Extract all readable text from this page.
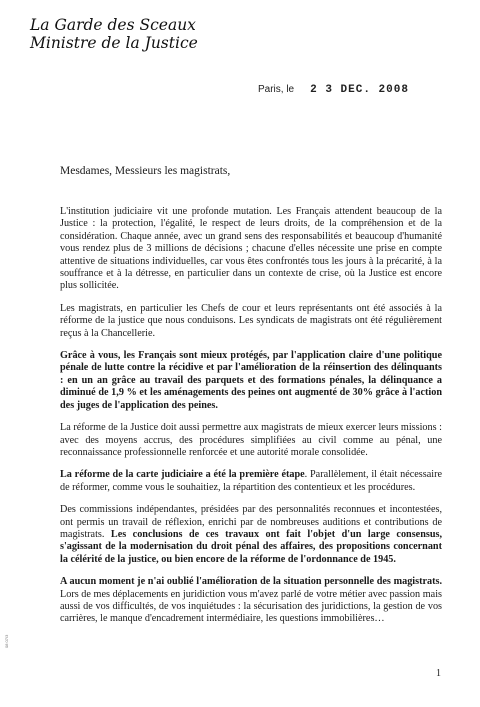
La Garde des Sceaux
Ministre de la Justice
Paris, le 2 3 DEC. 2008
Mesdames, Messieurs les magistrats,

L'institution judiciaire vit une profonde mutation. Les Français attendent beaucoup de la Justice : la protection, l'égalité, le respect de leurs droits, de la compréhension et de la considération. Chaque année, avec un grand sens des responsabilités et beaucoup d'humanité vous rendez plus de 3 millions de décisions ; chacune d'elles nécessite une prise en compte attentive de situations individuelles, car vous êtes confrontés tous les jours à la précarité, à la souffrance et à la détresse, en particulier dans un contexte de crise, où la Justice est encore plus sollicitée.

Les magistrats, en particulier les Chefs de cour et leurs représentants ont été associés à la réforme de la justice que nous conduisons. Les syndicats de magistrats ont été régulièrement reçus à la Chancellerie.

Grâce à vous, les Français sont mieux protégés, par l'application claire d'une politique pénale de lutte contre la récidive et par l'amélioration de la réinsertion des délinquants : en un an grâce au travail des parquets et des formations pénales, la délinquance a diminué de 1,9 % et les aménagements des peines ont augmenté de 30% grâce à l'action des juges de l'application des peines.

La réforme de la Justice doit aussi permettre aux magistrats de mieux exercer leurs missions : avec des moyens accrus, des procédures simplifiées au civil comme au pénal, une reconnaissance professionnelle renforcée et une autorité morale consolidée.

La réforme de la carte judiciaire a été la première étape. Parallèlement, il était nécessaire de réformer, comme vous le souhaitiez, la répartition des contentieux et les procédures.

Des commissions indépendantes, présidées par des personnalités reconnues et incontestées, ont permis un travail de réflexion, enrichi par de nombreuses auditions et contributions de magistrats. Les conclusions de ces travaux ont fait l'objet d'un large consensus, s'agissant de la modernisation du droit pénal des affaires, des propositions concernant la célérité de la justice, ou bien encore de la réforme de l'ordonnance de 1945.

A aucun moment je n'ai oublié l'amélioration de la situation personnelle des magistrats. Lors de mes déplacements en juridiction vous m'avez parlé de votre métier avec passion mais aussi de vos difficultés, de vos inquiétudes : la sécurisation des juridictions, la gestion de vos carrières, le manque d'encadrement intermédiaire, les questions immobilières…

1
08 07/3
